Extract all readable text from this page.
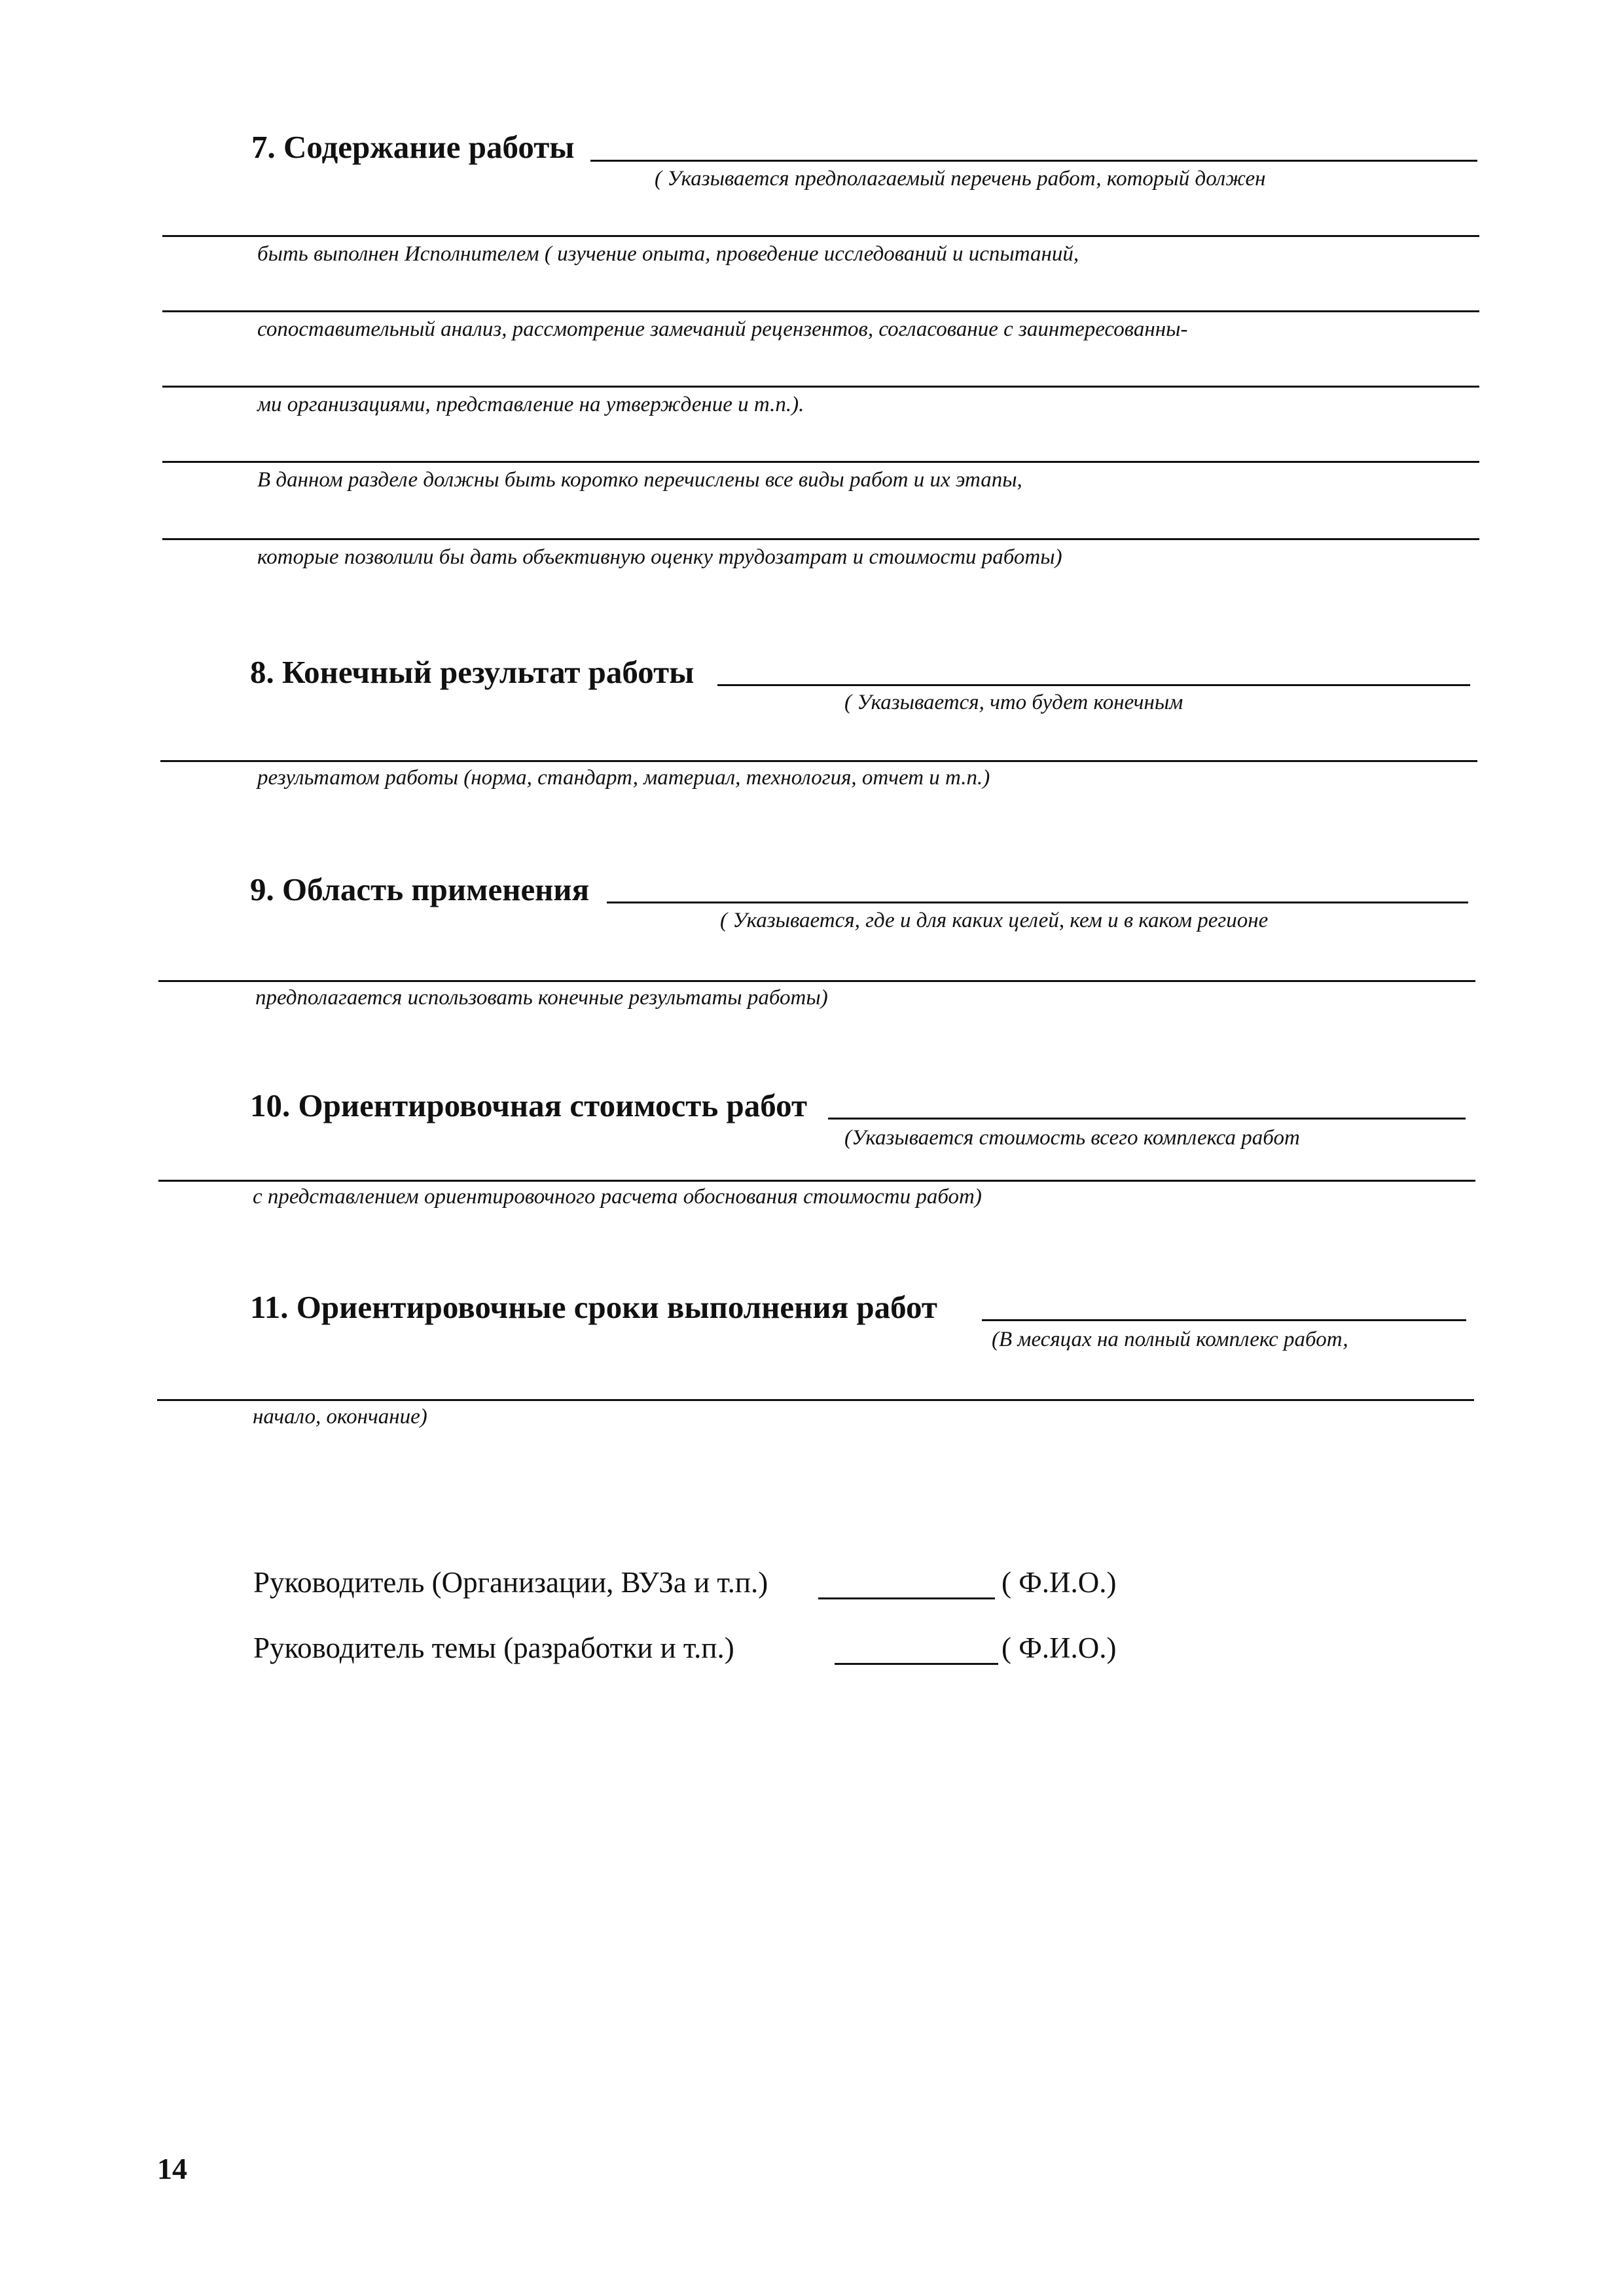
7. Содержание работы
( Указывается предполагаемый перечень работ, который должен
быть выполнен Исполнителем ( изучение опыта, проведение исследований и испытаний,
сопоставительный анализ, рассмотрение замечаний рецензентов, согласование с заинтересованны-
ми организациями, представление на утверждение и т.п.).
В данном разделе должны быть коротко перечислены все виды работ и их этапы,
которые позволили бы дать объективную оценку трудозатрат и стоимости работы)
8. Конечный результат работы
( Указывается, что будет конечным
результатом работы (норма, стандарт, материал, технология, отчет и т.п.)
9. Область применения
( Указывается, где и для каких целей, кем и в каком регионе
предполагается использовать конечные результаты работы)
10. Ориентировочная стоимость работ
(Указывается стоимость всего комплекса работ
с представлением ориентировочного расчета обоснования стоимости работ)
11. Ориентировочные сроки выполнения работ
(В месяцах на полный комплекс работ,
начало, окончание)
Руководитель (Организации, ВУЗа и т.п.)	( Ф.И.О.)
Руководитель темы (разработки и т.п.)	( Ф.И.О.)
14
